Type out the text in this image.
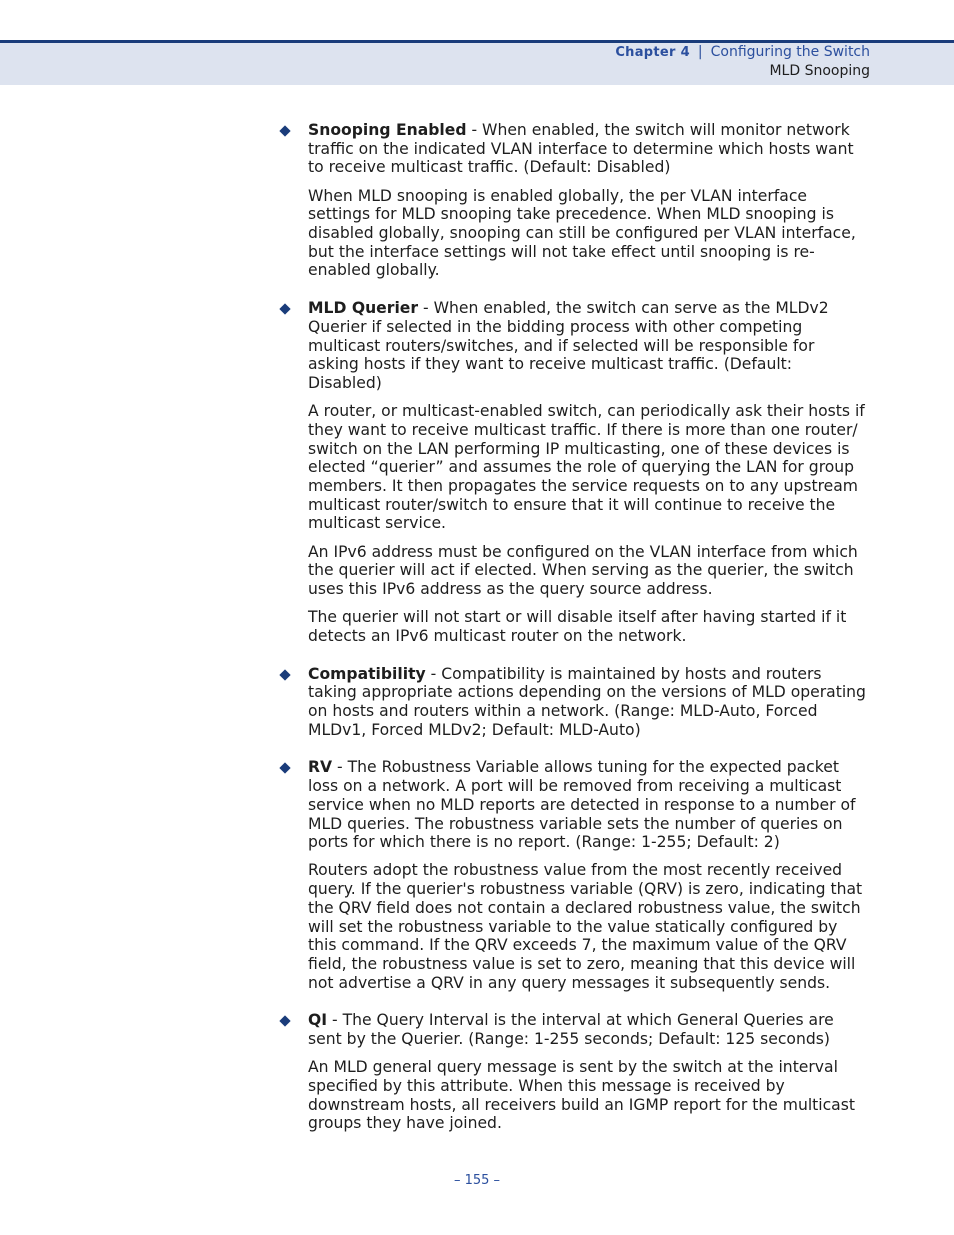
Chapter 4 | Configuring the Switch
MLD Snooping

Snooping Enabled - When enabled, the switch will monitor network traffic on the indicated VLAN interface to determine which hosts want to receive multicast traffic. (Default: Disabled)

When MLD snooping is enabled globally, the per VLAN interface settings for MLD snooping take precedence. When MLD snooping is disabled globally, snooping can still be configured per VLAN interface, but the interface settings will not take effect until snooping is re-enabled globally.

MLD Querier - When enabled, the switch can serve as the MLDv2 Querier if selected in the bidding process with other competing multicast routers/switches, and if selected will be responsible for asking hosts if they want to receive multicast traffic. (Default: Disabled)

A router, or multicast-enabled switch, can periodically ask their hosts if they want to receive multicast traffic. If there is more than one router/ switch on the LAN performing IP multicasting, one of these devices is elected “querier” and assumes the role of querying the LAN for group members. It then propagates the service requests on to any upstream multicast router/switch to ensure that it will continue to receive the multicast service.

An IPv6 address must be configured on the VLAN interface from which the querier will act if elected. When serving as the querier, the switch uses this IPv6 address as the query source address.

The querier will not start or will disable itself after having started if it detects an IPv6 multicast router on the network.

Compatibility - Compatibility is maintained by hosts and routers taking appropriate actions depending on the versions of MLD operating on hosts and routers within a network. (Range: MLD-Auto, Forced MLDv1, Forced MLDv2; Default: MLD-Auto)

RV - The Robustness Variable allows tuning for the expected packet loss on a network. A port will be removed from receiving a multicast service when no MLD reports are detected in response to a number of MLD queries. The robustness variable sets the number of queries on ports for which there is no report. (Range: 1-255; Default: 2)

Routers adopt the robustness value from the most recently received query. If the querier's robustness variable (QRV) is zero, indicating that the QRV field does not contain a declared robustness value, the switch will set the robustness variable to the value statically configured by this command. If the QRV exceeds 7, the maximum value of the QRV field, the robustness value is set to zero, meaning that this device will not advertise a QRV in any query messages it subsequently sends.

QI - The Query Interval is the interval at which General Queries are sent by the Querier. (Range: 1-255 seconds; Default: 125 seconds)

An MLD general query message is sent by the switch at the interval specified by this attribute. When this message is received by downstream hosts, all receivers build an IGMP report for the multicast groups they have joined.

– 155 –
